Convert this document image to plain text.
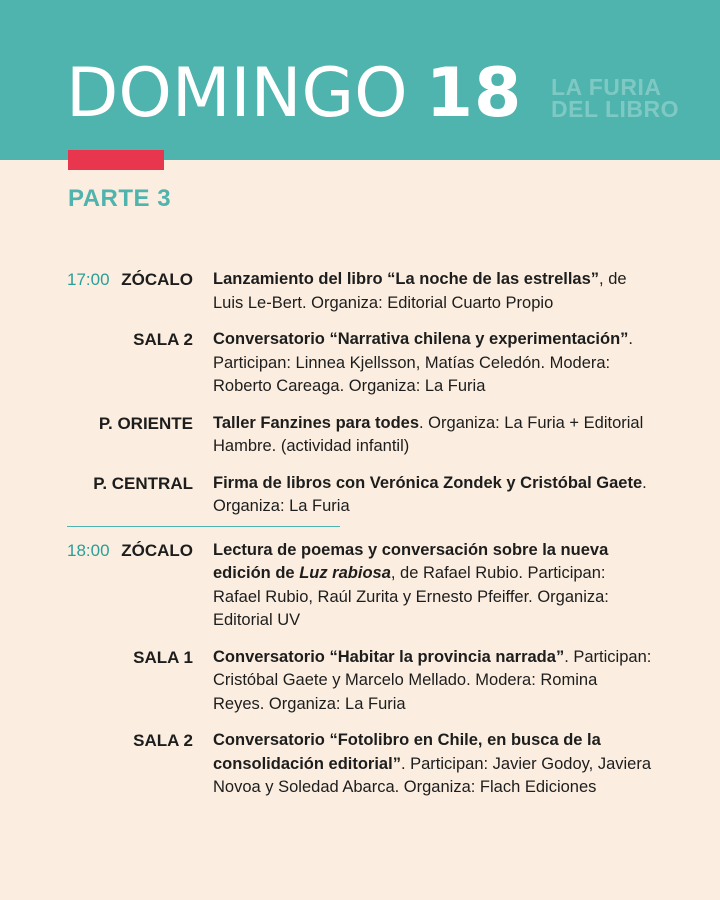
DOMINGO 18 LA FURIA
DEL LIBRO
PARTE 3
17:00 ZÓCALO Lanzamiento del libro “La noche de las estrellas”, de Luis Le-Bert. Organiza: Editorial Cuarto Propio
SALA 2 Conversatorio “Narrativa chilena y experimentación”. Participan: Linnea Kjellsson, Matías Celedón. Modera: Roberto Careaga. Organiza: La Furia
P. ORIENTE Taller Fanzines para todes. Organiza: La Furia + Editorial Hambre. (actividad infantil)
P. CENTRAL Firma de libros con Verónica Zondek y Cristóbal Gaete. Organiza: La Furia
18:00 ZÓCALO Lectura de poemas y conversación sobre la nueva edición de Luz rabiosa, de Rafael Rubio. Participan: Rafael Rubio, Raúl Zurita y Ernesto Pfeiffer. Organiza: Editorial UV
SALA 1 Conversatorio “Habitar la provincia narrada”. Participan: Cristóbal Gaete y Marcelo Mellado. Modera: Romina Reyes. Organiza: La Furia
SALA 2 Conversatorio “Fotolibro en Chile, en busca de la consolidación editorial”. Participan: Javier Godoy, Javiera Novoa y Soledad Abarca. Organiza: Flach Ediciones
